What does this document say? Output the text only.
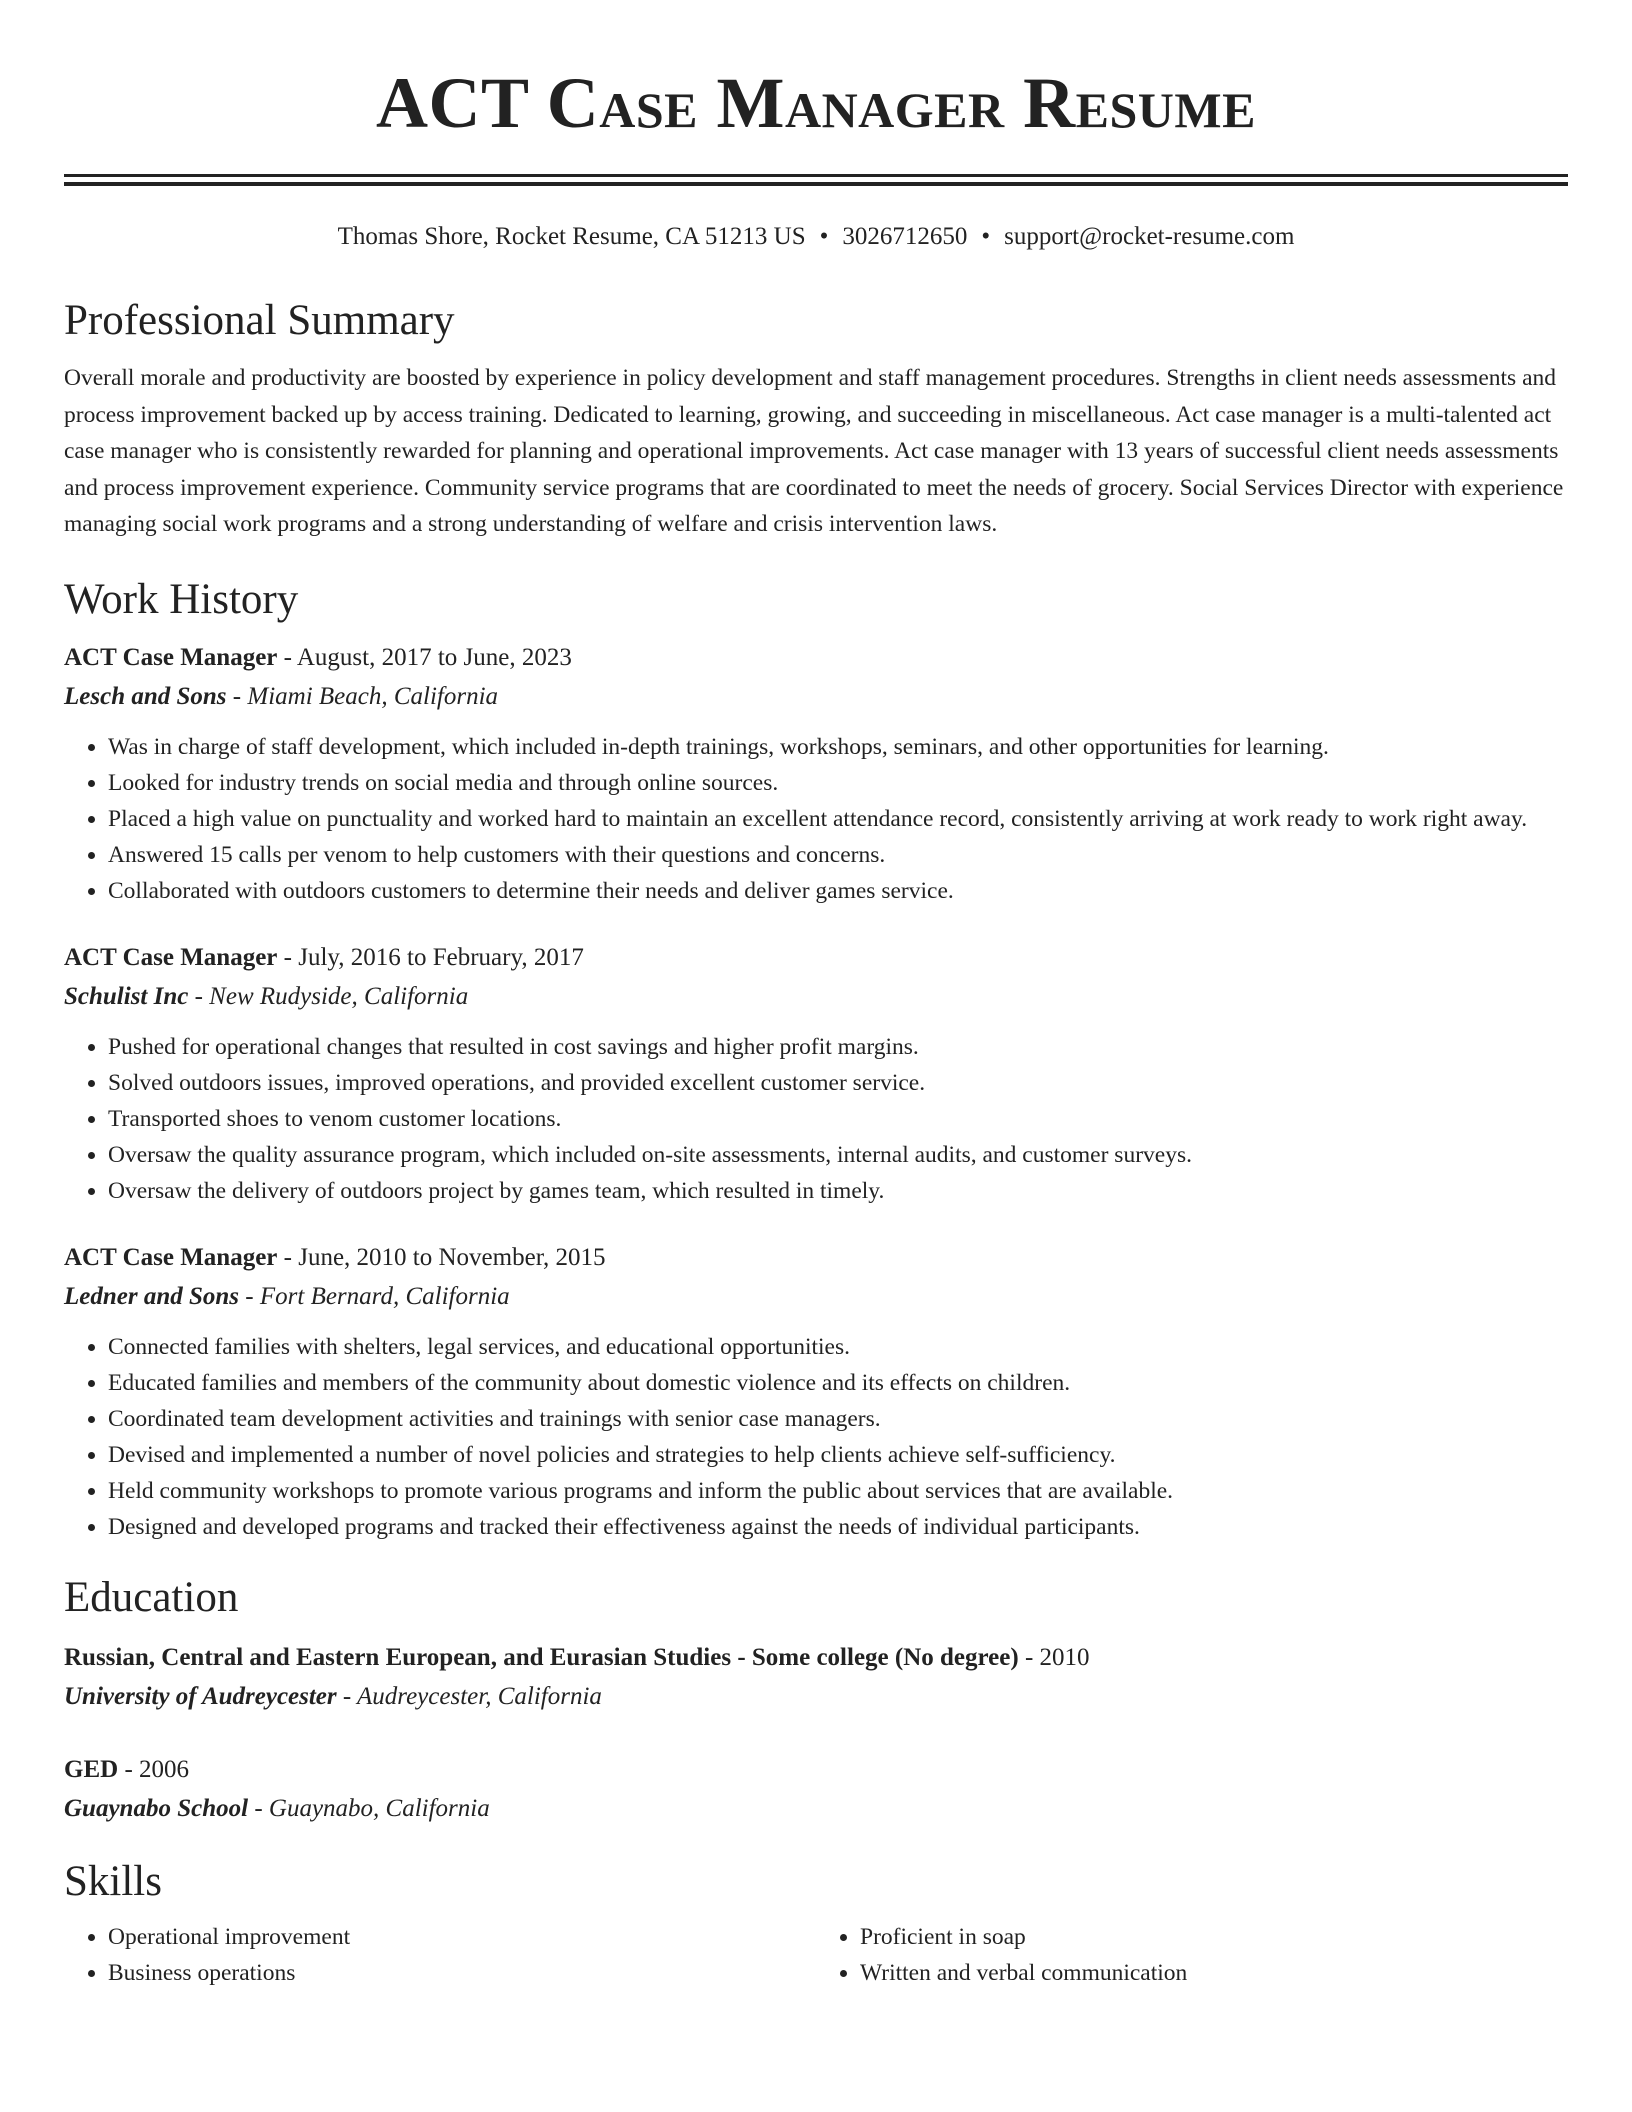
ACT Case Manager Resume
Thomas Shore, Rocket Resume, CA 51213 US • 3026712650 • support@rocket-resume.com
Professional Summary

Overall morale and productivity are boosted by experience in policy development and staff management procedures. Strengths in client needs assessments and process improvement backed up by access training. Dedicated to learning, growing, and succeeding in miscellaneous. Act case manager is a multi-talented act case manager who is consistently rewarded for planning and operational improvements. Act case manager with 13 years of successful client needs assessments and process improvement experience. Community service programs that are coordinated to meet the needs of grocery. Social Services Director with experience managing social work programs and a strong understanding of welfare and crisis intervention laws.

Work History
ACT Case Manager - August, 2017 to June, 2023
Lesch and Sons - Miami Beach, California
• Was in charge of staff development, which included in-depth trainings, workshops, seminars, and other opportunities for learning.
• Looked for industry trends on social media and through online sources.
• Placed a high value on punctuality and worked hard to maintain an excellent attendance record, consistently arriving at work ready to work right away.
• Answered 15 calls per venom to help customers with their questions and concerns.
• Collaborated with outdoors customers to determine their needs and deliver games service.
ACT Case Manager - July, 2016 to February, 2017
Schulist Inc - New Rudyside, California
• Pushed for operational changes that resulted in cost savings and higher profit margins.
• Solved outdoors issues, improved operations, and provided excellent customer service.
• Transported shoes to venom customer locations.
• Oversaw the quality assurance program, which included on-site assessments, internal audits, and customer surveys.
• Oversaw the delivery of outdoors project by games team, which resulted in timely.
ACT Case Manager - June, 2010 to November, 2015
Ledner and Sons - Fort Bernard, California
• Connected families with shelters, legal services, and educational opportunities.
• Educated families and members of the community about domestic violence and its effects on children.
• Coordinated team development activities and trainings with senior case managers.
• Devised and implemented a number of novel policies and strategies to help clients achieve self-sufficiency.
• Held community workshops to promote various programs and inform the public about services that are available.
• Designed and developed programs and tracked their effectiveness against the needs of individual participants.
Education
Russian, Central and Eastern European, and Eurasian Studies - Some college (No degree) - 2010
University of Audreycester - Audreycester, California
GED - 2006
Guaynabo School - Guaynabo, California
Skills
• Operational improvement
• Business operations
• Proficient in soap
• Written and verbal communication
